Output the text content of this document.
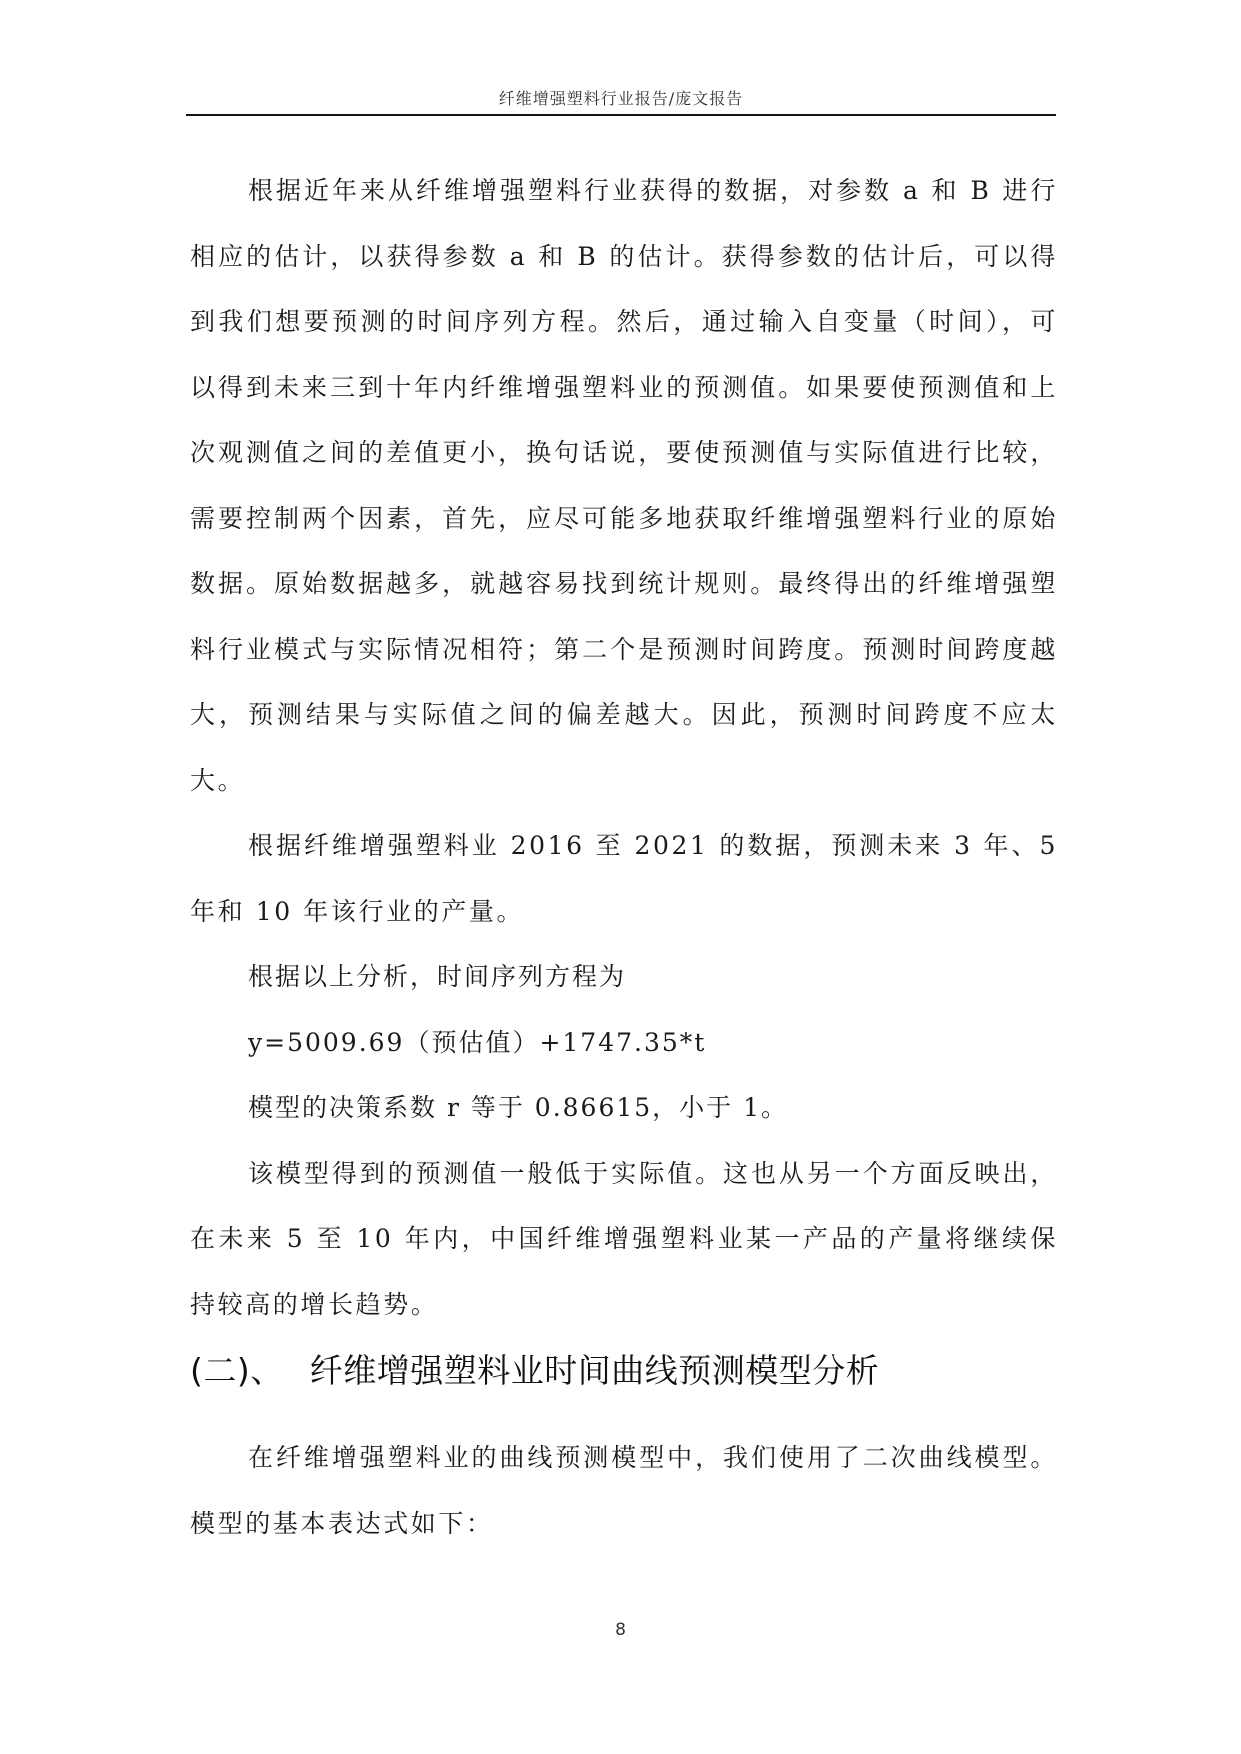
纤维增强塑料行业报告/庞文报告

根据近年来从纤维增强塑料行业获得的数据，对参数 a 和 B 进行相应的估计，以获得参数 a 和 B 的估计。获得参数的估计后，可以得到我们想要预测的时间序列方程。然后，通过输入自变量（时间），可以得到未来三到十年内纤维增强塑料业的预测值。如果要使预测值和上次观测值之间的差值更小，换句话说，要使预测值与实际值进行比较，需要控制两个因素，首先，应尽可能多地获取纤维增强塑料行业的原始数据。原始数据越多，就越容易找到统计规则。最终得出的纤维增强塑料行业模式与实际情况相符；第二个是预测时间跨度。预测时间跨度越大，预测结果与实际值之间的偏差越大。因此，预测时间跨度不应太大。

根据纤维增强塑料业 2016 至 2021 的数据，预测未来 3 年、5 年和 10 年该行业的产量。

根据以上分析，时间序列方程为

y=5009.69（预估值）+1747.35*t

模型的决策系数 r 等于 0.86615，小于 1。

该模型得到的预测值一般低于实际值。这也从另一个方面反映出，在未来 5 至 10 年内，中国纤维增强塑料业某一产品的产量将继续保持较高的增长趋势。

(二)、 纤维增强塑料业时间曲线预测模型分析

在纤维增强塑料业的曲线预测模型中，我们使用了二次曲线模型。模型的基本表达式如下：

8
